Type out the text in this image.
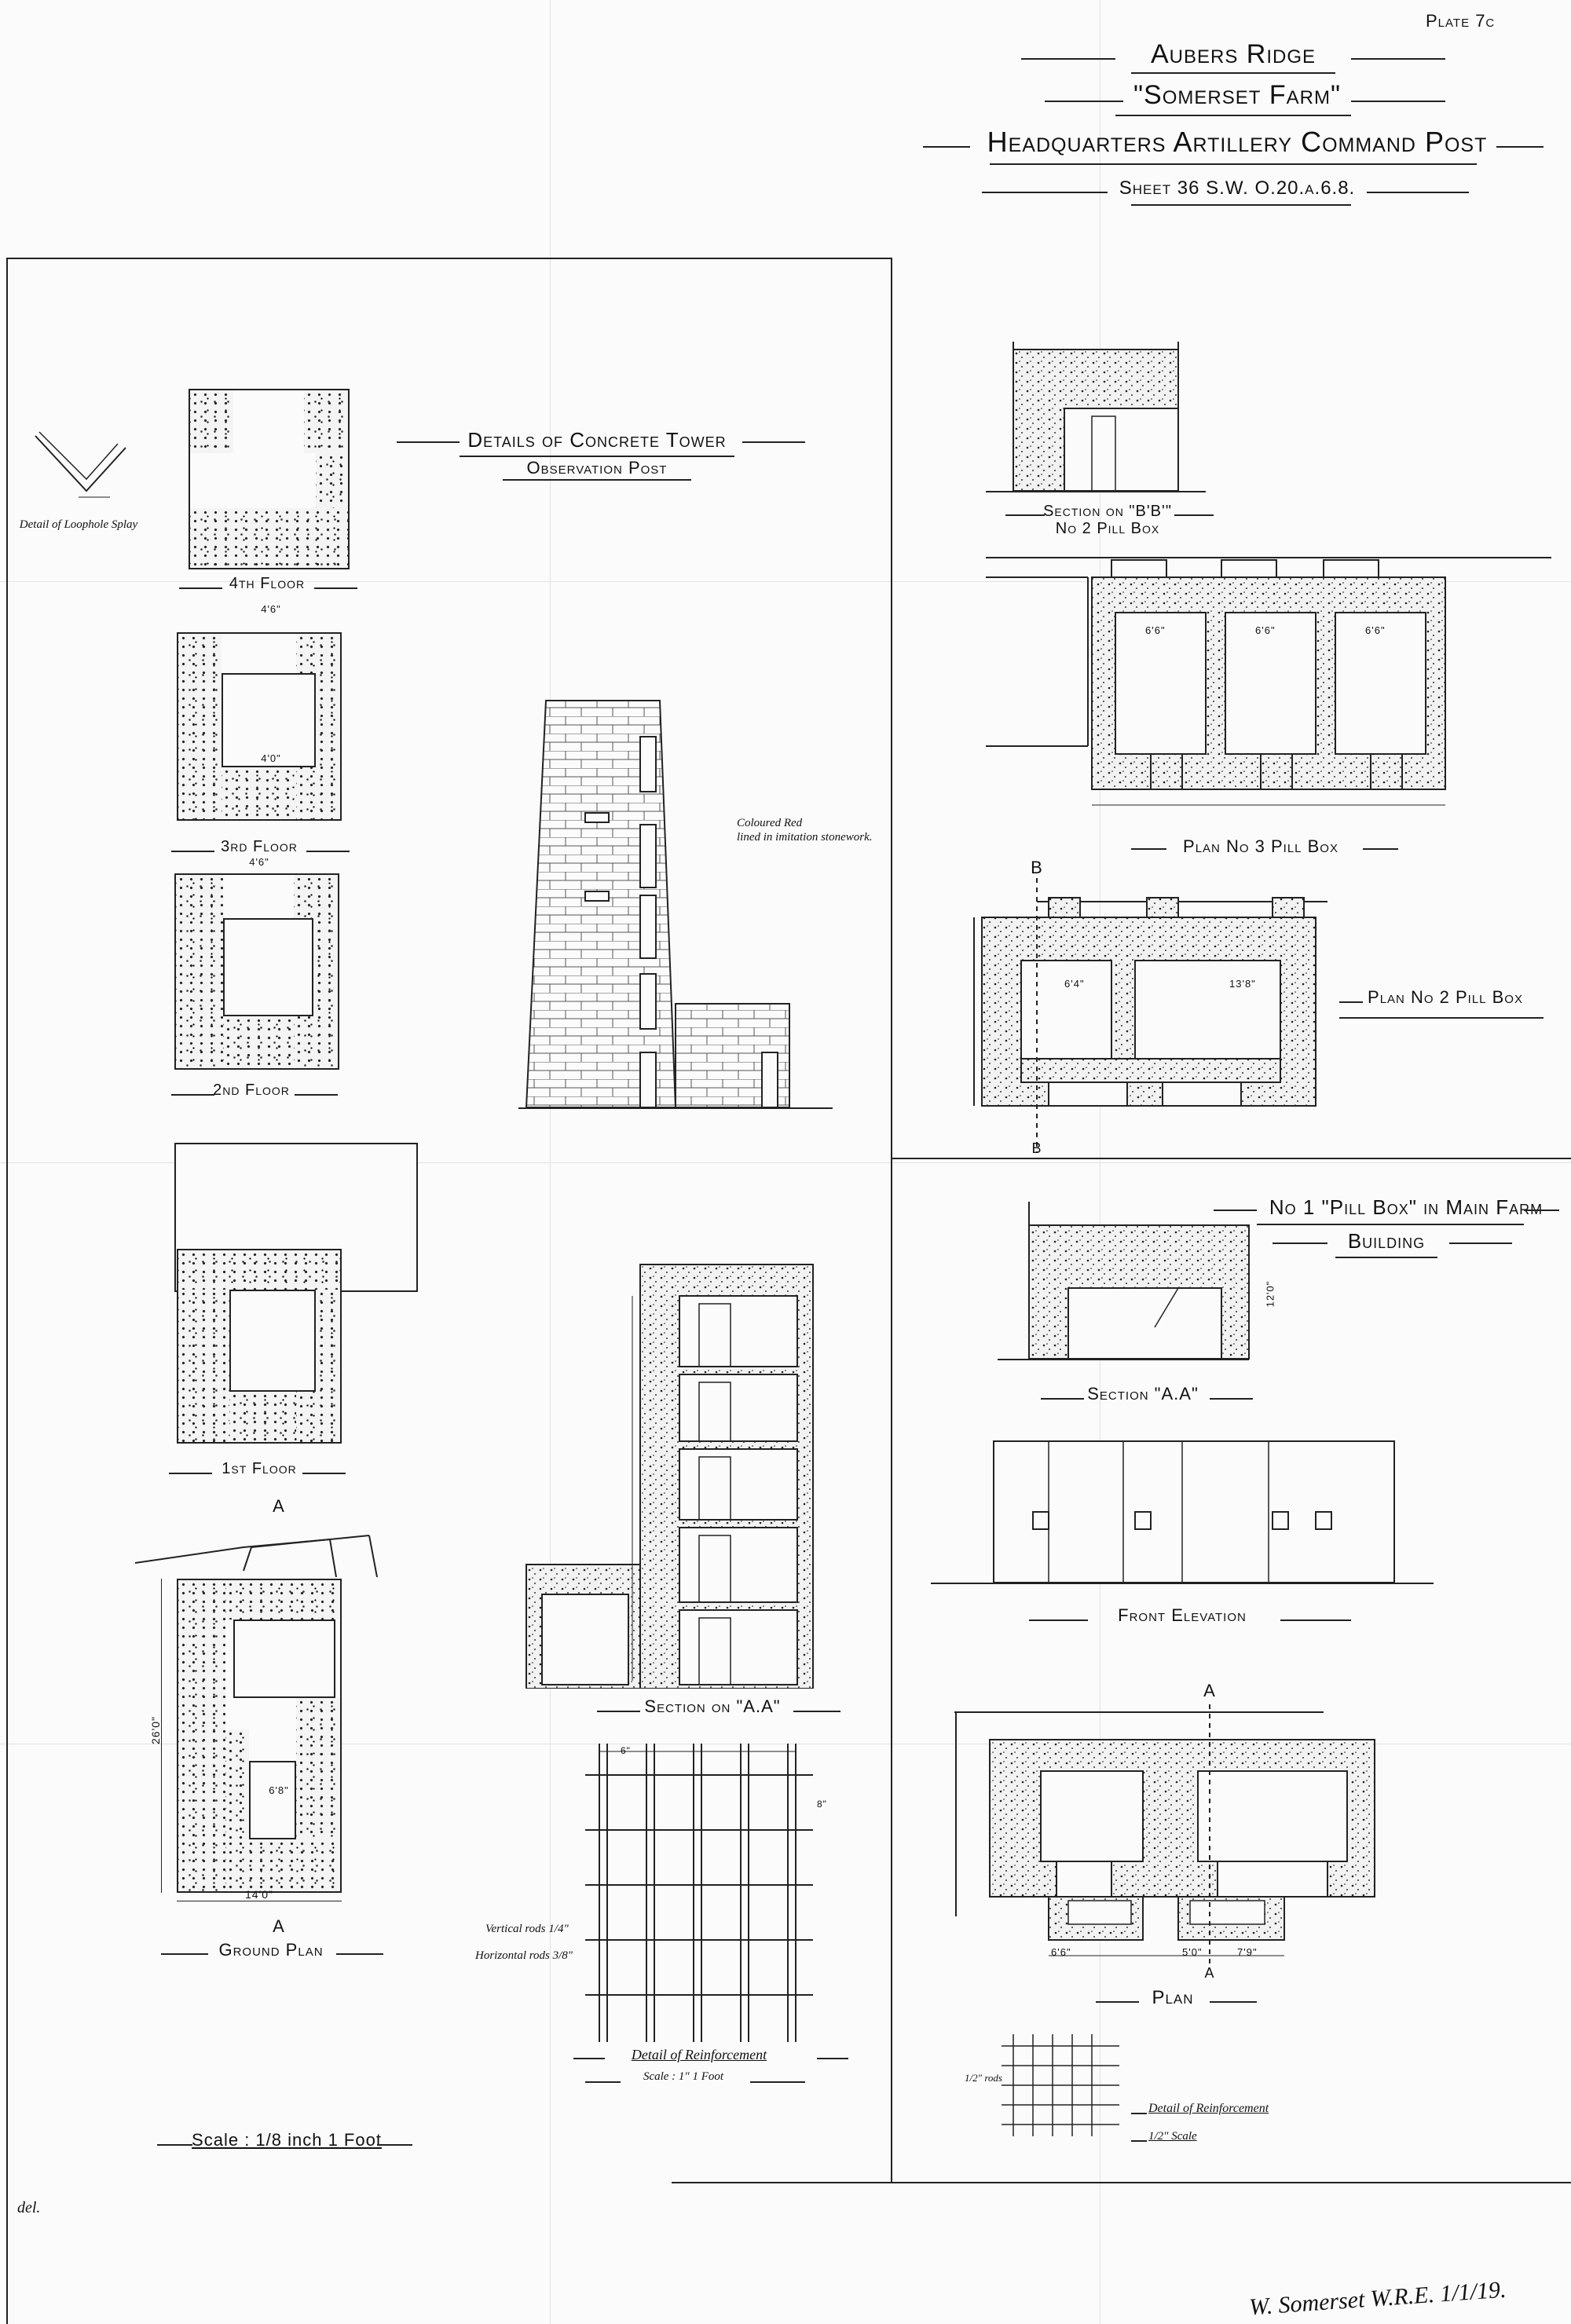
Plate 7c
Aubers Ridge
"Somerset Farm"
Headquarters Artillery Command Post
Sheet 36 S.W. O.20.a.6.8.
Detail of Loophole Splay
Details of Concrete Tower
Observation Post
4th Floor
4'6"
4'0"
3rd Floor
4'6"
2nd Floor
Coloured Red
lined in imitation stonework.
1st Floor
A
26'0"
6'8"
14'0"
A
Ground Plan
Section on "A.A"
6"
8"
Vertical rods 1/4"
Horizontal rods 3/8"
Detail of Reinforcement
Scale : 1" 1 Foot
Scale : 1/8 inch 1 Foot
Section on "B'B'"
No 2 Pill Box
6'6"	6'6"	6'6"
Plan No 3 Pill Box
B
6'4"	13'8"
B
Plan No 2 Pill Box
No 1 "Pill Box" in Main Farm
Building
12'0"
Section "A.A"
Front Elevation
A
6'6"	5'0"	7'9"
A
Plan
1/2" rods
Detail of Reinforcement
1/2" Scale
del.
W. Somerset W.R.E. 1/1/19.
